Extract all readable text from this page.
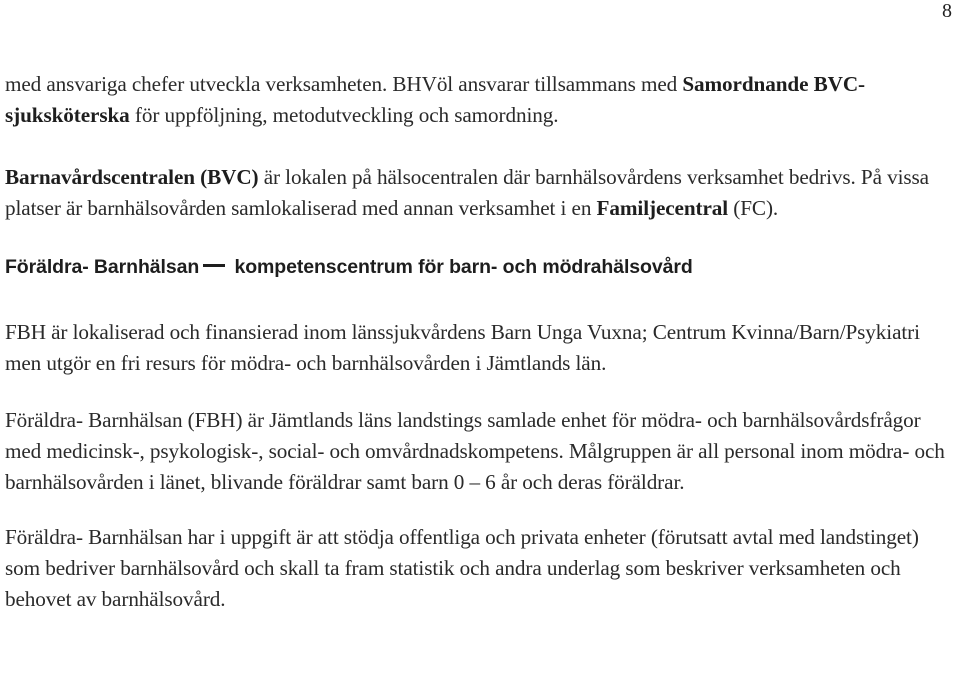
8

med ansvariga chefer utveckla verksamheten. BHVöl ansvarar tillsammans med Samordnande BVC-sjuksköterska för uppföljning, metodutveckling och samordning.

Barnavårdscentralen (BVC) är lokalen på hälsocentralen där barnhälsovårdens verksamhet bedrivs. På vissa platser är barnhälsovården samlokaliserad med annan verksamhet i en Familjecentral (FC).

Föräldra- Barnhälsan kompetenscentrum för barn- och mödrahälsovård

FBH är lokaliserad och finansierad inom länssjukvårdens Barn Unga Vuxna; Centrum Kvinna/Barn/Psykiatri men utgör en fri resurs för mödra- och barnhälsovården i Jämtlands län.

Föräldra- Barnhälsan (FBH) är Jämtlands läns landstings samlade enhet för mödra- och barnhälsovårdsfrågor med medicinsk-, psykologisk-, social- och omvårdnadskompetens. Målgruppen är all personal inom mödra- och barnhälsovården i länet, blivande föräldrar samt barn 0 – 6 år och deras föräldrar.

Föräldra- Barnhälsan har i uppgift är att stödja offentliga och privata enheter (förutsatt avtal med landstinget) som bedriver barnhälsovård och skall ta fram statistik och andra underlag som beskriver verksamheten och behovet av barnhälsovård.
